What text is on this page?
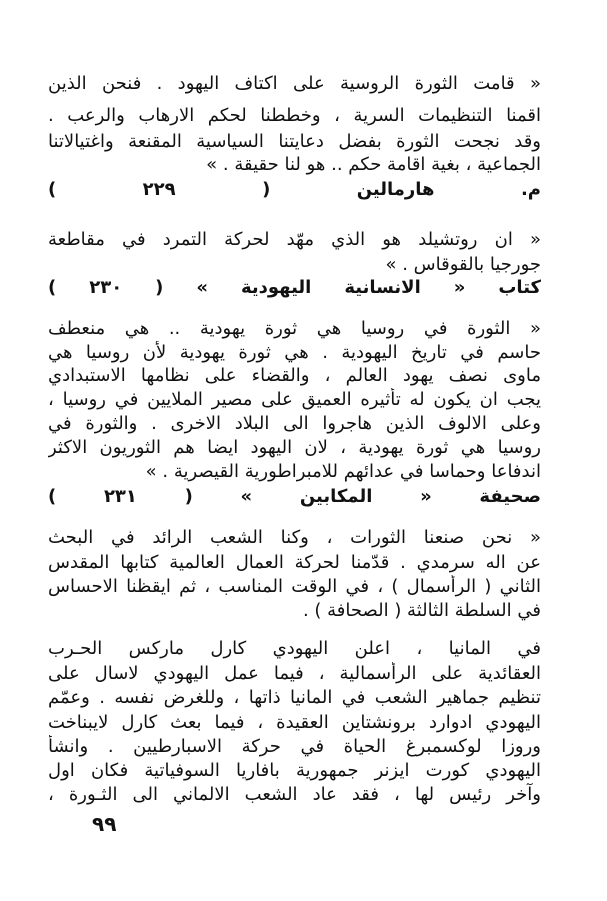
« قامت الثورة الروسية على اكتاف اليهود . فنحن الذين
اقمنا التنظيمات السرية ، وخططنا لحكم الارهاب والرعب .
وقد نجحت الثورة بفضل دعايتنا السياسية المقنعة واغتيالاتنا
الجماعية ، بغية اقامة حكم .. هو لنا حقيقة . »
م. هارمالين ( ٢٢٩ )
« ان روتشيلد هو الذي مهّد لحركة التمرد في مقاطعة
جورجيا بالقوقاس . »
كتاب « الانسانية اليهودية » ( ٢٣٠ )
« الثورة في روسيا هي ثورة يهودية .. هي منعطف
حاسم في تاريخ اليهودية . هي ثورة يهودية لأن روسيا هي
ماوى نصف يهود العالم ، والقضاء على نظامها الاستبدادي
يجب ان يكون له تأثيره العميق على مصير الملايين في روسيا ،
وعلى الالوف الذين هاجروا الى البلاد الاخرى . والثورة في
روسيا هي ثورة يهودية ، لان اليهود ايضا هم الثوريون الاكثر
اندفاعا وحماسا في عدائهم للامبراطورية القيصرية . »
صحيفة « المكابين » ( ٢٣١ )
« نحن صنعنا الثورات ، وكنا الشعب الرائد في البحث
عن اله سرمدي . قدّمنا لحركة العمال العالمية كتابها المقدس
الثاني ( الرأسمال ) ، في الوقت المناسب ، ثم ايقظنا الاحساس
في السلطة الثالثة ( الصحافة ) .
في المانيا ، اعلن اليهودي كارل ماركس الحـرب
العقائدية على الرأسمالية ، فيما عمل اليهودي لاسال على
تنظيم جماهير الشعب في المانيا ذاتها ، وللغرض نفسه . وعمّم
اليهودي ادوارد برونشتاين العقيدة ، فيما بعث كارل لايبناخت
وروزا لوكسمبرغ الحياة في حركة الاسبارطيين . وانشأ
اليهودي كورت ايزنر جمهورية بافاريا السوفياتية فكان اول
وآخر رئيس لها ، فقد عاد الشعب الالماني الى الثـورة ،
٩٩
